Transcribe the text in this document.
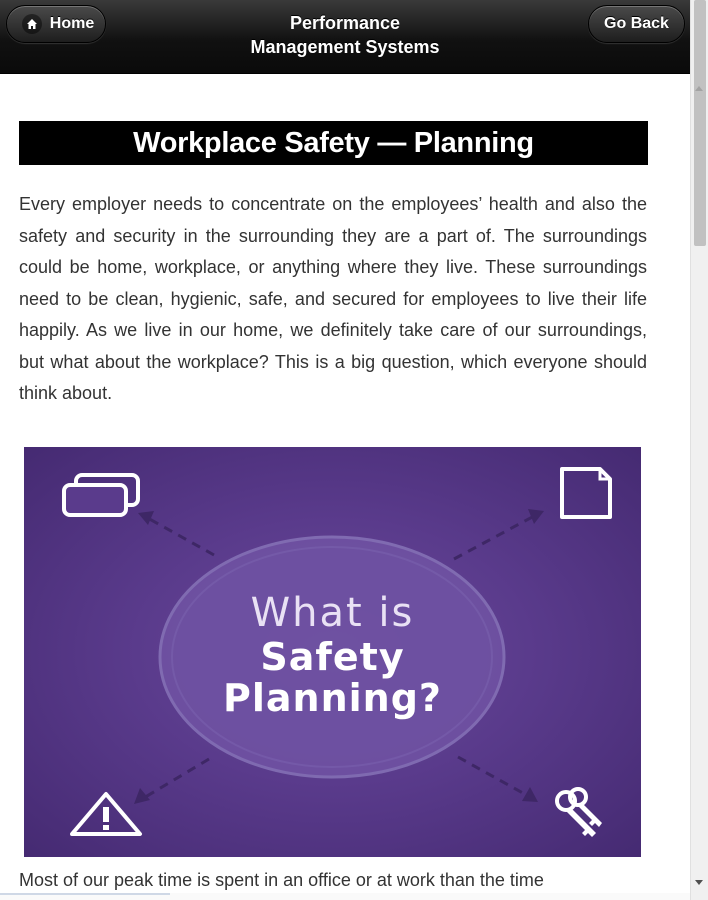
Home	Performance
Management Systems
Go Back
Workplace Safety — Planning

Every employer needs to concentrate on the employees’ health and also the safety and security in the surrounding they are a part of. The surroundings could be home, workplace, or anything where they live. These surroundings need to be clean, hygienic, safe, and secured for employees to live their life happily. As we live in our home, we definitely take care of our surroundings, but what about the workplace? This is a big question, which everyone should think about.

What is
Safety
Planning?

Most of our peak time is spent in an office or at work than the time
